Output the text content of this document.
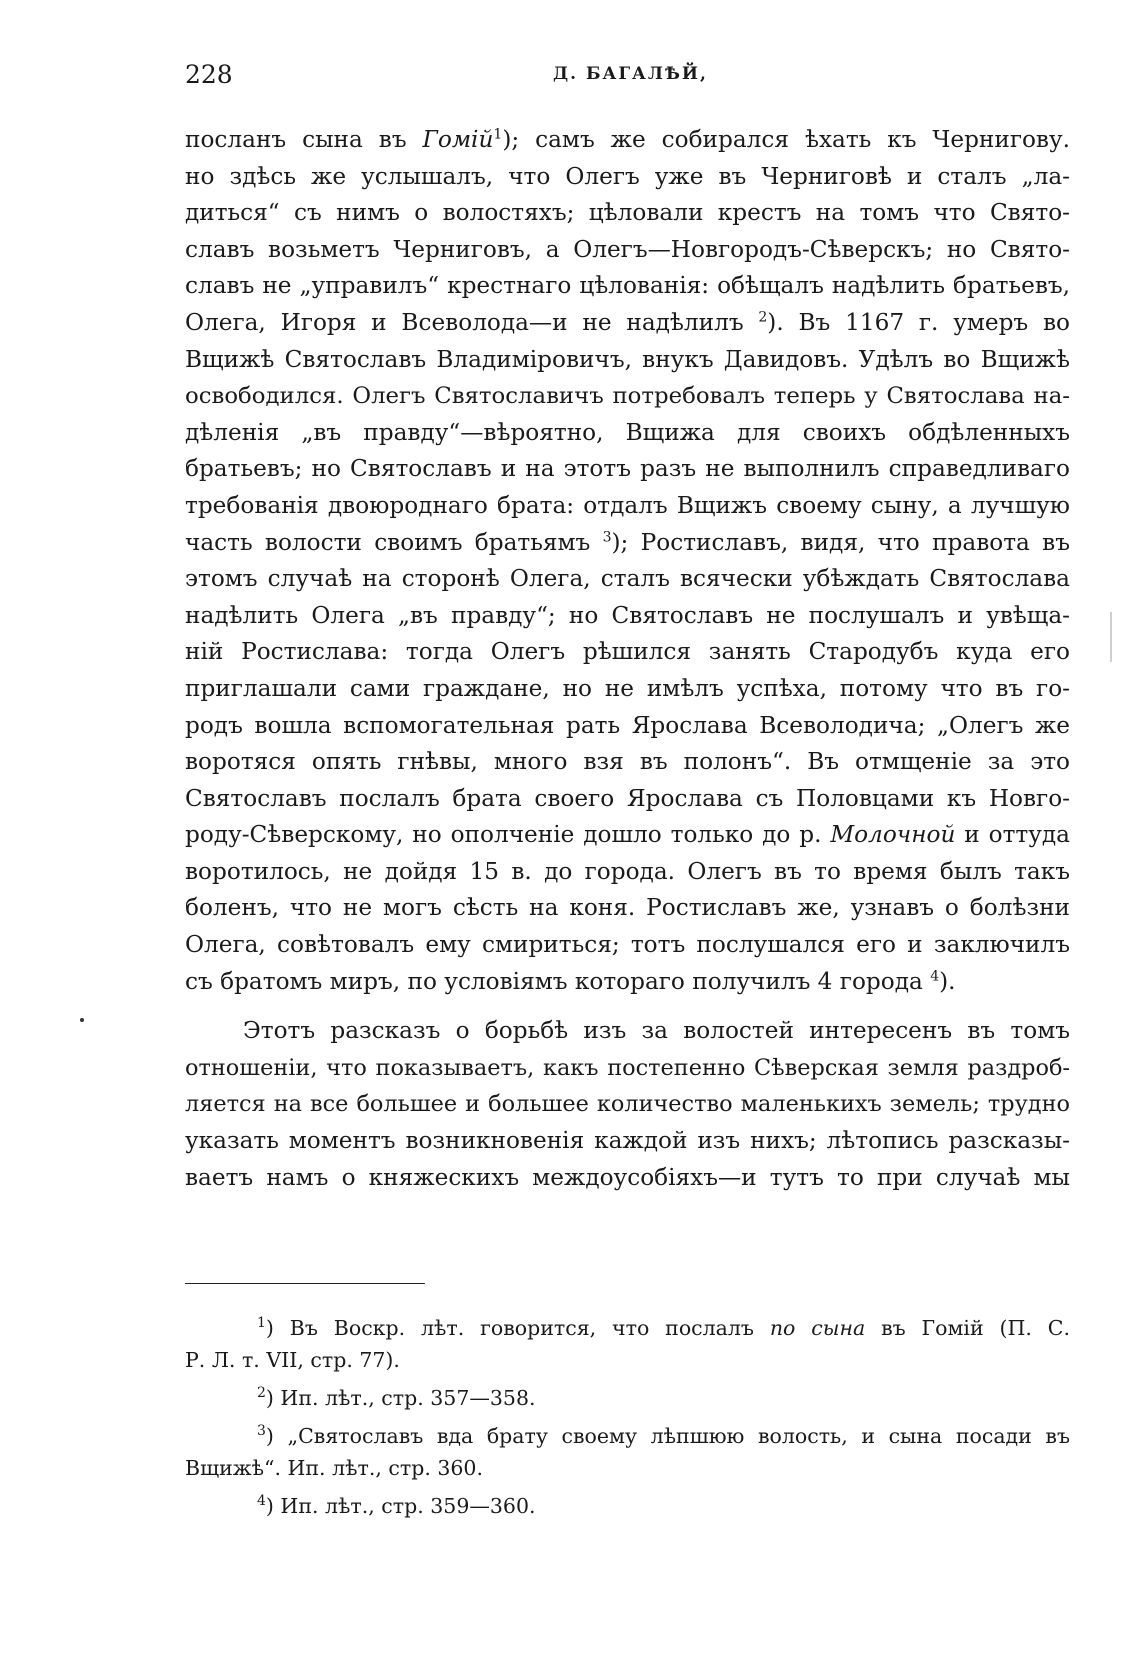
228	Д. БАГАЛѢЙ,
посланъ сына въ Гомій$^1$); самъ же собирался ѣхать къ Чернигову.
но здѣсь же услышалъ, что Олегъ уже въ Черниговѣ и сталъ „ла-
диться“ съ нимъ о волостяхъ; цѣловали крестъ на томъ что Свято-
славъ возьметъ Черниговъ, а Олегъ—Новгородъ-Сѣверскъ; но Свято-
славъ не „управилъ“ крестнаго цѣлованія: обѣщалъ надѣлить братьевъ,
Олега, Игоря и Всеволода—и не надѣлилъ $^2$). Въ 1167 г. умеръ во
Вщижѣ Святославъ Владиміровичъ, внукъ Давидовъ. Удѣлъ во Вщижѣ
освободился. Олегъ Святославичъ потребовалъ теперь у Святослава на-
дѣленія „въ правду“—вѣроятно, Вщижа для своихъ обдѣленныхъ
братьевъ; но Святославъ и на этотъ разъ не выполнилъ справедливаго
требованія двоюроднаго брата: отдалъ Вщижъ своему сыну, а лучшую
часть волости своимъ братьямъ $^3$); Ростиславъ, видя, что правота въ
этомъ случаѣ на сторонѣ Олега, сталъ всячески убѣждать Святослава
надѣлить Олега „въ правду“; но Святославъ не послушалъ и увѣща-
ній Ростислава: тогда Олегъ рѣшился занять Стародубъ куда его
приглашали сами граждане, но не имѣлъ успѣха, потому что въ го-
родъ вошла вспомогательная рать Ярослава Всеволодича; „Олегъ же
воротяся опять гнѣвы, много взя въ полонъ“. Въ отмщеніе за это
Святославъ послалъ брата своего Ярослава съ Половцами къ Новго-
роду-Сѣверскому, но ополченіе дошло только до р. Молочной и оттуда
воротилось, не дойдя 15 в. до города. Олегъ въ то время былъ такъ
боленъ, что не могъ сѣсть на коня. Ростиславъ же, узнавъ о болѣзни
Олега, совѣтовалъ ему смириться; тотъ послушался его и заключилъ
съ братомъ миръ, по условіямъ котораго получилъ 4 города $^4$).
Этотъ разсказъ о борьбѣ изъ за волостей интересенъ въ томъ
отношеніи, что показываетъ, какъ постепенно Сѣверская земля раздроб-
ляется на все большее и большее количество маленькихъ земель; трудно
указать моментъ возникновенія каждой изъ нихъ; лѣтопись разсказы-
ваетъ намъ о княжескихъ междоусобіяхъ—и тутъ то при случаѣ мы
$^1$) Въ Воскр. лѣт. говорится, что послалъ по сына въ Гомій (П. С.
Р. Л. т. VII, стр. 77).
$^2$) Ип. лѣт., стр. 357—358.
$^3$) „Святославъ вда брату своему лѣпшюю волость, и сына посади въ
Вщижѣ“. Ип. лѣт., стр. 360.
$^4$) Ип. лѣт., стр. 359—360.
